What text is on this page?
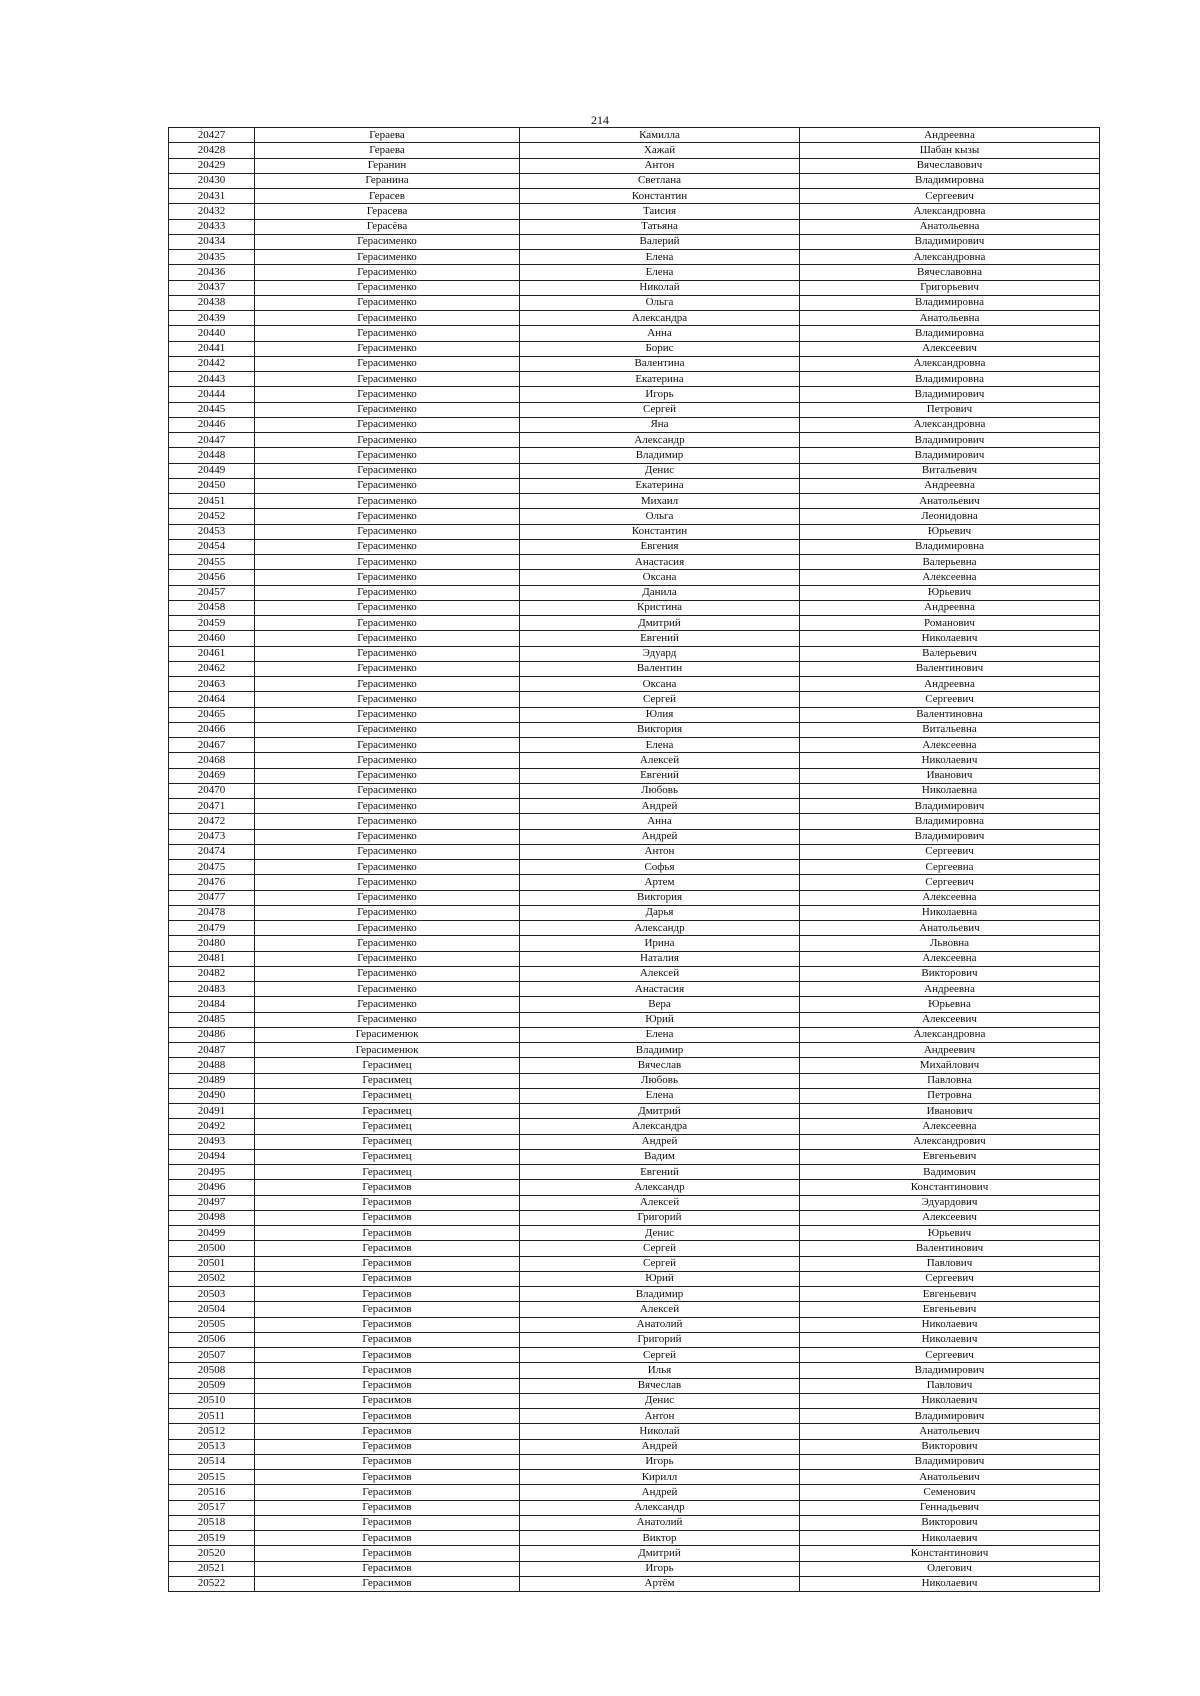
214
20427	Гераева	Камилла	Андреевна
20428	Гераева	Хажай	Шабан кызы
20429	Геранин	Антон	Вячеславович
20430	Геранина	Светлана	Владимировна
20431	Герасев	Константин	Сергеевич
20432	Герасева	Таисия	Александровна
20433	Герасёва	Татьяна	Анатольевна
20434	Герасименко	Валерий	Владимирович
20435	Герасименко	Елена	Александровна
20436	Герасименко	Елена	Вячеславовна
20437	Герасименко	Николай	Григорьевич
20438	Герасименко	Ольга	Владимировна
20439	Герасименко	Александра	Анатольевна
20440	Герасименко	Анна	Владимировна
20441	Герасименко	Борис	Алексеевич
20442	Герасименко	Валентина	Александровна
20443	Герасименко	Екатерина	Владимировна
20444	Герасименко	Игорь	Владимирович
20445	Герасименко	Сергей	Петрович
20446	Герасименко	Яна	Александровна
20447	Герасименко	Александр	Владимирович
20448	Герасименко	Владимир	Владимирович
20449	Герасименко	Денис	Витальевич
20450	Герасименко	Екатерина	Андреевна
20451	Герасименко	Михаил	Анатольевич
20452	Герасименко	Ольга	Леонидовна
20453	Герасименко	Константин	Юрьевич
20454	Герасименко	Евгения	Владимировна
20455	Герасименко	Анастасия	Валерьевна
20456	Герасименко	Оксана	Алексеевна
20457	Герасименко	Данила	Юрьевич
20458	Герасименко	Кристина	Андреевна
20459	Герасименко	Дмитрий	Романович
20460	Герасименко	Евгений	Николаевич
20461	Герасименко	Эдуард	Валерьевич
20462	Герасименко	Валентин	Валентинович
20463	Герасименко	Оксана	Андреевна
20464	Герасименко	Сергей	Сергеевич
20465	Герасименко	Юлия	Валентиновна
20466	Герасименко	Виктория	Витальевна
20467	Герасименко	Елена	Алексеевна
20468	Герасименко	Алексей	Николаевич
20469	Герасименко	Евгений	Иванович
20470	Герасименко	Любовь	Николаевна
20471	Герасименко	Андрей	Владимирович
20472	Герасименко	Анна	Владимировна
20473	Герасименко	Андрей	Владимирович
20474	Герасименко	Антон	Сергеевич
20475	Герасименко	Софья	Сергеевна
20476	Герасименко	Артем	Сергеевич
20477	Герасименко	Виктория	Алексеевна
20478	Герасименко	Дарья	Николаевна
20479	Герасименко	Александр	Анатольевич
20480	Герасименко	Ирина	Львовна
20481	Герасименко	Наталия	Алексеевна
20482	Герасименко	Алексей	Викторович
20483	Герасименко	Анастасия	Андреевна
20484	Герасименко	Вера	Юрьевна
20485	Герасименко	Юрий	Алексеевич
20486	Герасименюк	Елена	Александровна
20487	Герасименюк	Владимир	Андреевич
20488	Герасимец	Вячеслав	Михайлович
20489	Герасимец	Любовь	Павловна
20490	Герасимец	Елена	Петровна
20491	Герасимец	Дмитрий	Иванович
20492	Герасимец	Александра	Алексеевна
20493	Герасимец	Андрей	Александрович
20494	Герасимец	Вадим	Евгеньевич
20495	Герасимец	Евгений	Вадимович
20496	Герасимов	Александр	Константинович
20497	Герасимов	Алексей	Эдуардович
20498	Герасимов	Григорий	Алексеевич
20499	Герасимов	Денис	Юрьевич
20500	Герасимов	Сергей	Валентинович
20501	Герасимов	Сергей	Павлович
20502	Герасимов	Юрий	Сергеевич
20503	Герасимов	Владимир	Евгеньевич
20504	Герасимов	Алексей	Евгеньевич
20505	Герасимов	Анатолий	Николаевич
20506	Герасимов	Григорий	Николаевич
20507	Герасимов	Сергей	Сергеевич
20508	Герасимов	Илья	Владимирович
20509	Герасимов	Вячеслав	Павлович
20510	Герасимов	Денис	Николаевич
20511	Герасимов	Антон	Владимирович
20512	Герасимов	Николай	Анатольевич
20513	Герасимов	Андрей	Викторович
20514	Герасимов	Игорь	Владимирович
20515	Герасимов	Кирилл	Анатольевич
20516	Герасимов	Андрей	Семенович
20517	Герасимов	Александр	Геннадьевич
20518	Герасимов	Анатолий	Викторович
20519	Герасимов	Виктор	Николаевич
20520	Герасимов	Дмитрий	Константинович
20521	Герасимов	Игорь	Олегович
20522	Герасимов	Артём	Николаевич
